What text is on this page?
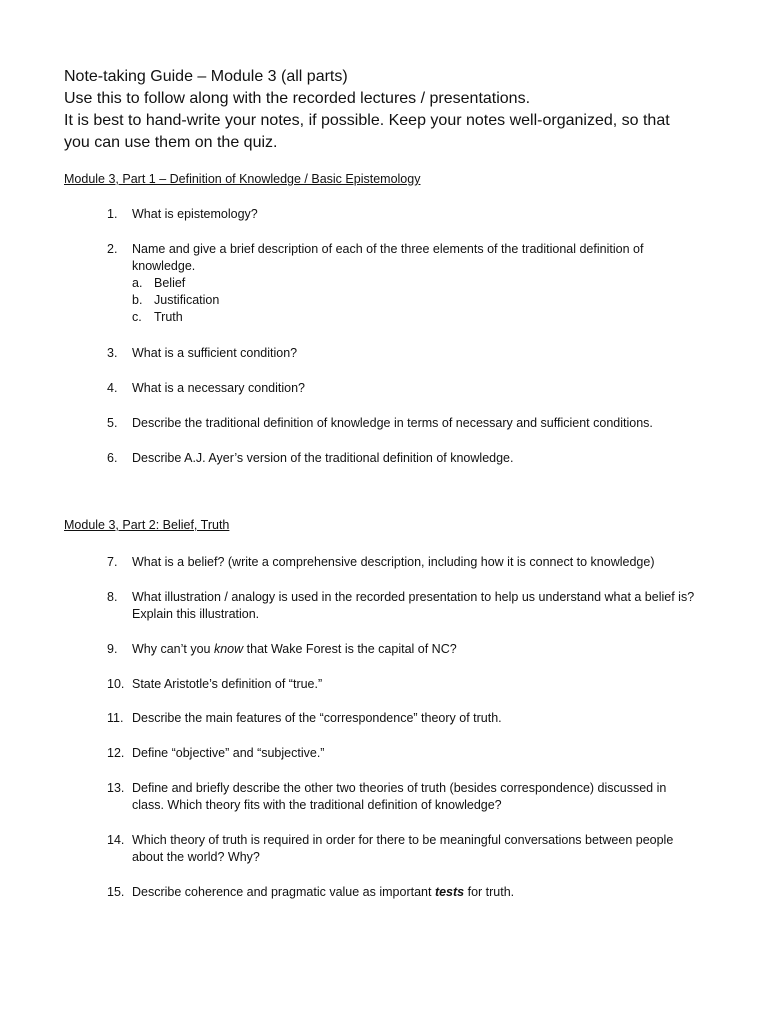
Note-taking Guide – Module 3 (all parts)
Use this to follow along with the recorded lectures / presentations.
It is best to hand-write your notes, if possible. Keep your notes well-organized, so that
you can use them on the quiz.
Module 3, Part 1 – Definition of Knowledge / Basic Epistemology
1.	What is epistemology?
2.	Name and give a brief description of each of the three elements of the traditional definition of knowledge.
a. Belief
b. Justification
c. Truth
3.	What is a sufficient condition?
4.	What is a necessary condition?
5.	Describe the traditional definition of knowledge in terms of necessary and sufficient conditions.
6.	Describe A.J. Ayer’s version of the traditional definition of knowledge.
Module 3, Part 2: Belief, Truth
7.	What is a belief? (write a comprehensive description, including how it is connect to knowledge)
8.	What illustration / analogy is used in the recorded presentation to help us understand what a belief is? Explain this illustration.
9.	Why can’t you know that Wake Forest is the capital of NC?
10. State Aristotle’s definition of “true.”
11. Describe the main features of the “correspondence” theory of truth.
12. Define “objective” and “subjective.”
13. Define and briefly describe the other two theories of truth (besides correspondence) discussed in class. Which theory fits with the traditional definition of knowledge?
14. Which theory of truth is required in order for there to be meaningful conversations between people about the world? Why?
15. Describe coherence and pragmatic value as important tests for truth.
